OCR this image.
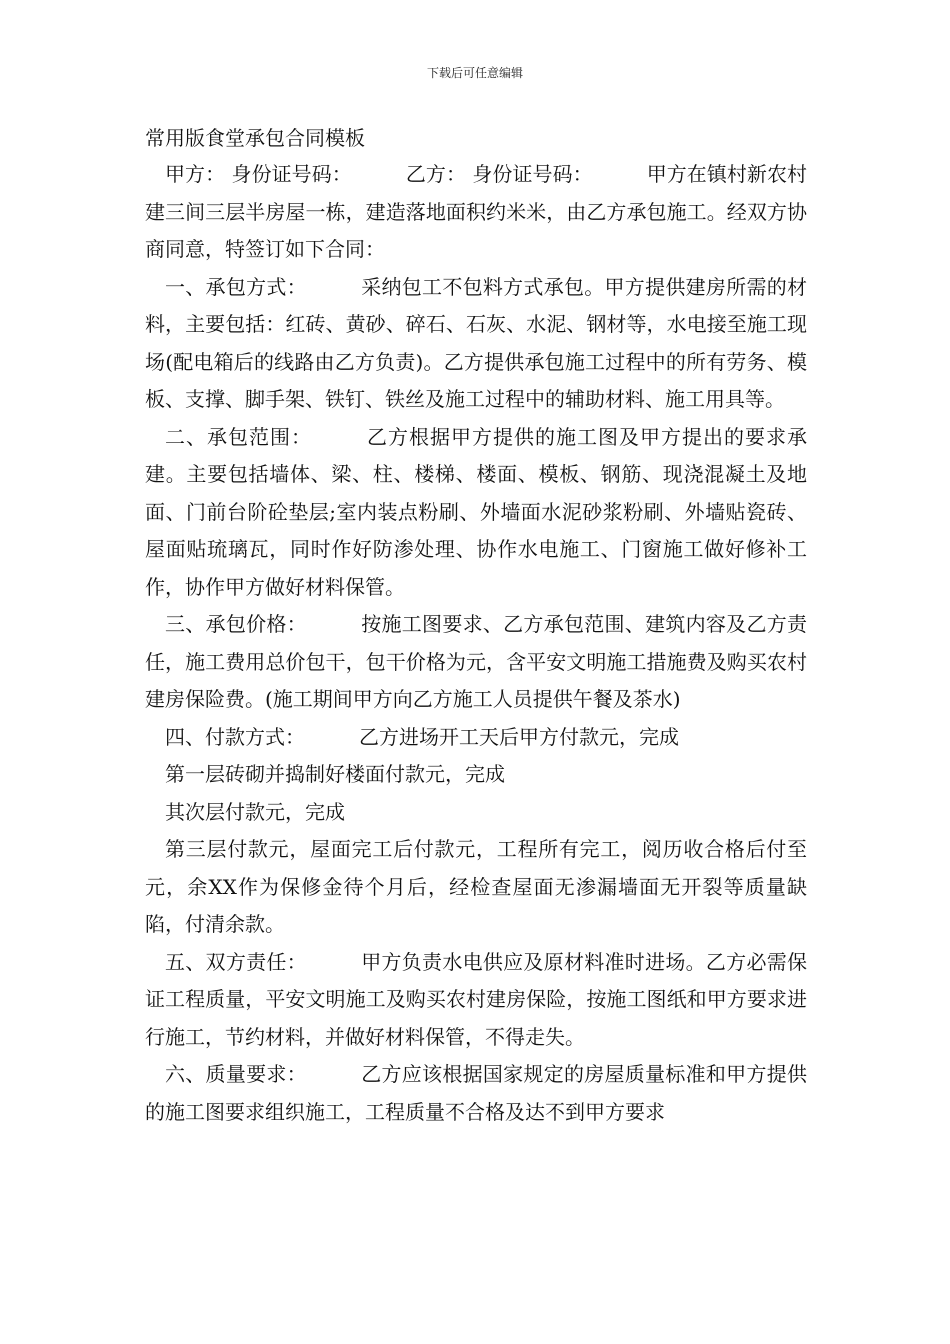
下载后可任意编辑
常用版食堂承包合同模板

甲方： 身份证号码：	乙方： 身份证号码：	甲方在镇村新农村建三间三层半房屋一栋，建造落地面积约米米，由乙方承包施工。经双方协商同意，特签订如下合同：

一、承包方式：	采纳包工不包料方式承包。甲方提供建房所需的材料，主要包括：红砖、黄砂、碎石、石灰、水泥、钢材等，水电接至施工现场(配电箱后的线路由乙方负责)。乙方提供承包施工过程中的所有劳务、模板、支撑、脚手架、铁钉、铁丝及施工过程中的辅助材料、施工用具等。

二、承包范围：	乙方根据甲方提供的施工图及甲方提出的要求承建。主要包括墙体、梁、柱、楼梯、楼面、模板、钢筋、现浇混凝土及地面、门前台阶砼垫层;室内装点粉刷、外墙面水泥砂浆粉刷、外墙贴瓷砖、屋面贴琉璃瓦，同时作好防渗处理、协作水电施工、门窗施工做好修补工作，协作甲方做好材料保管。

三、承包价格：	按施工图要求、乙方承包范围、建筑内容及乙方责任，施工费用总价包干，包干价格为元，含平安文明施工措施费及购买农村建房保险费。(施工期间甲方向乙方施工人员提供午餐及茶水)

四、付款方式：	乙方进场开工天后甲方付款元，完成

第一层砖砌并捣制好楼面付款元，完成

其次层付款元，完成

第三层付款元，屋面完工后付款元，工程所有完工，阅历收合格后付至元，余XX作为保修金待个月后，经检查屋面无渗漏墙面无开裂等质量缺陷，付清余款。

五、双方责任：	甲方负责水电供应及原材料准时进场。乙方必需保证工程质量，平安文明施工及购买农村建房保险，按施工图纸和甲方要求进行施工，节约材料，并做好材料保管，不得走失。

六、质量要求：	乙方应该根据国家规定的房屋质量标准和甲方提供的施工图要求组织施工，工程质量不合格及达不到甲方要求
